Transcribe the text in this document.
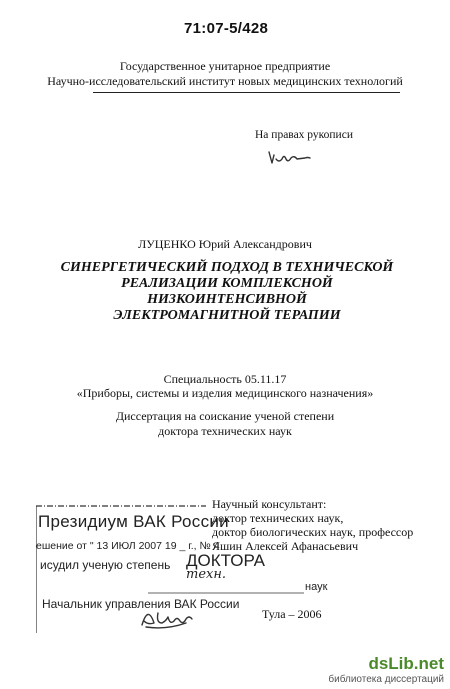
71:07-5/428
Государственное унитарное предприятие
Научно-исследовательский институт новых медицинских технологий
На правах рукописи
ЛУЦЕНКО Юрий Александрович
СИНЕРГЕТИЧЕСКИЙ ПОДХОД В ТЕХНИЧЕСКОЙ
РЕАЛИЗАЦИИ КОМПЛЕКСНОЙ НИЗКОИНТЕНСИВНОЙ
ЭЛЕКТРОМАГНИТНОЙ ТЕРАПИИ
Специальность 05.11.17
«Приборы, системы и изделия медицинского назначения»
Диссертация на соискание ученой степени
доктора технических наук
Научный консультант:
доктор технических наук,
доктор биологических наук, профессор
Яшин Алексей Афанасьевич
Президиум ВАК России
ешение от " 13 ИЮЛ 2007 19 _ г., № 4
исудил ученую степень ДОКТОРА
техн.
наук
Начальник управления ВАК России
Тула – 2006
dsLib.net
библиотека диссертаций
